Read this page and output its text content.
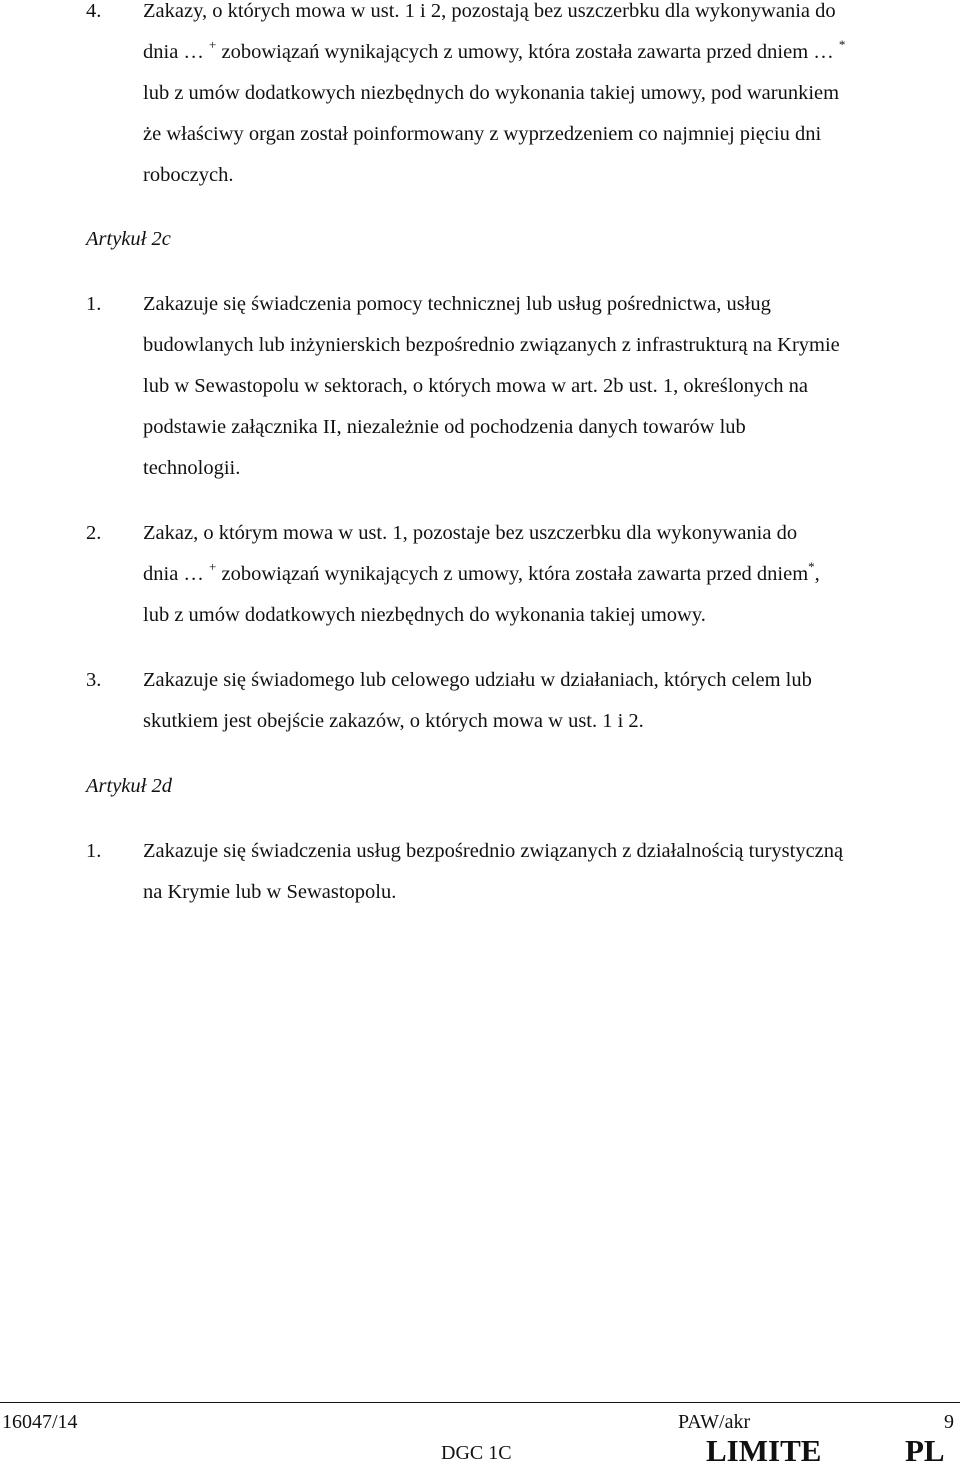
4.	Zakazy, o których mowa w ust. 1 i 2, pozostają bez uszczerbku dla wykonywania do
dnia … + zobowiązań wynikających z umowy, która została zawarta przed dniem … *
lub z umów dodatkowych niezbędnych do wykonania takiej umowy, pod warunkiem
że właściwy organ został poinformowany z wyprzedzeniem co najmniej pięciu dni
roboczych.
Artykuł 2c
1.	Zakazuje się świadczenia pomocy technicznej lub usług pośrednictwa, usług
budowlanych lub inżynierskich bezpośrednio związanych z infrastrukturą na Krymie
lub w Sewastopolu w sektorach, o których mowa w art. 2b ust. 1, określonych na
podstawie załącznika II, niezależnie od pochodzenia danych towarów lub
technologii.
2.	Zakaz, o którym mowa w ust. 1, pozostaje bez uszczerbku dla wykonywania do
dnia … + zobowiązań wynikających z umowy, która została zawarta przed dniem*,
lub z umów dodatkowych niezbędnych do wykonania takiej umowy.
3.	Zakazuje się świadomego lub celowego udziału w działaniach, których celem lub
skutkiem jest obejście zakazów, o których mowa w ust. 1 i 2.
Artykuł 2d
1.	Zakazuje się świadczenia usług bezpośrednio związanych z działalnością turystyczną
na Krymie lub w Sewastopolu.
16047/14	PAW/akr	9
DGC 1C	LIMITE	PL
